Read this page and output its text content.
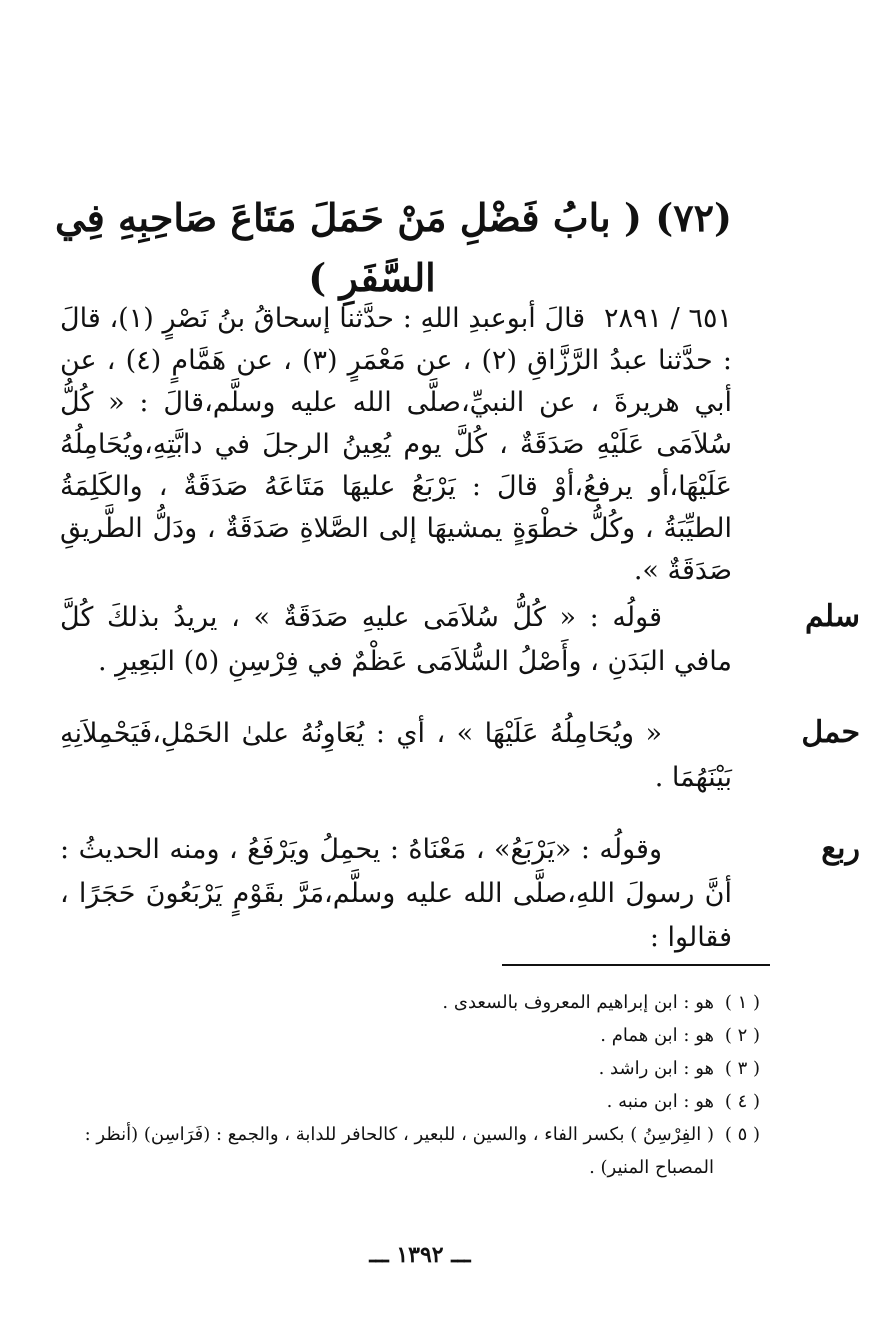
(٧٢) ( بابُ فَضْلِ مَنْ حَمَلَ مَتَاعَ صَاحِبِهِ فِي
السَّفَرِ )
٦٥١ / ٢٨٩١ قالَ أبوعبدِ اللهِ : حدَّثنا إسحاقُ بنُ نَصْرٍ (١)، قالَ : حدَّثنا عبدُ الرَّزَّاقِ (٢) ، عن مَعْمَرٍ (٣) ، عن هَمَّامٍ (٤) ، عن أبي هريرةَ ، عن النبيِّ،صلَّى الله عليه وسلَّم،قالَ : « كُلُّ سُلاَمَى عَلَيْهِ صَدَقَةٌ ، كُلَّ يوم يُعِينُ الرجلَ في دابَّتِهِ،ويُحَامِلُهُ عَلَيْهَا،أو يرفعُ،أوْ قالَ : يَرْبَعُ عليهَا مَتَاعَهُ صَدَقَةٌ ، والكَلِمَةُ الطيِّبَةُ ، وكُلُّ خطْوَةٍ يمشيهَا إلى الصَّلاةِ صَدَقَةٌ ، ودَلُّ الطَّريقِ صَدَقَةٌ ».
سلم
قولُه : « كُلُّ سُلاَمَى عليهِ صَدَقَةٌ » ، يريدُ بذلكَ كُلَّ مافي البَدَنِ ، وأَصْلُ السُّلاَمَى عَظْمٌ في فِرْسِنِ (٥) البَعِيرِ .
حمل
« ويُحَامِلُهُ عَلَيْهَا » ، أي : يُعَاوِنُهُ علىٰ الحَمْلِ،فَيَحْمِلاَنِهِ بَيْنَهُمَا .
ربع
وقولُه : «يَرْبَعُ» ، مَعْنَاهُ : يحمِلُ ويَرْفَعُ ، ومنه الحديثُ : أنَّ رسولَ اللهِ،صلَّى الله عليه وسلَّم،مَرَّ بقَوْمٍ يَرْبَعُونَ حَجَرًا ، فقالوا :
( ١ )
هو : ابن إبراهيم المعروف بالسعدى .
( ٢ )
هو : ابن همام .
( ٣ )
هو : ابن راشد .
( ٤ )
هو : ابن منبه .
( ٥ )
( الفِرْسِنُ ) بكسر الفاء ، والسين ، للبعير ، كالحافر للدابة ، والجمع : (فَرَاسِن) (أنظر : المصباح المنير) .
ـــ ١٣٩٢ ـــ
